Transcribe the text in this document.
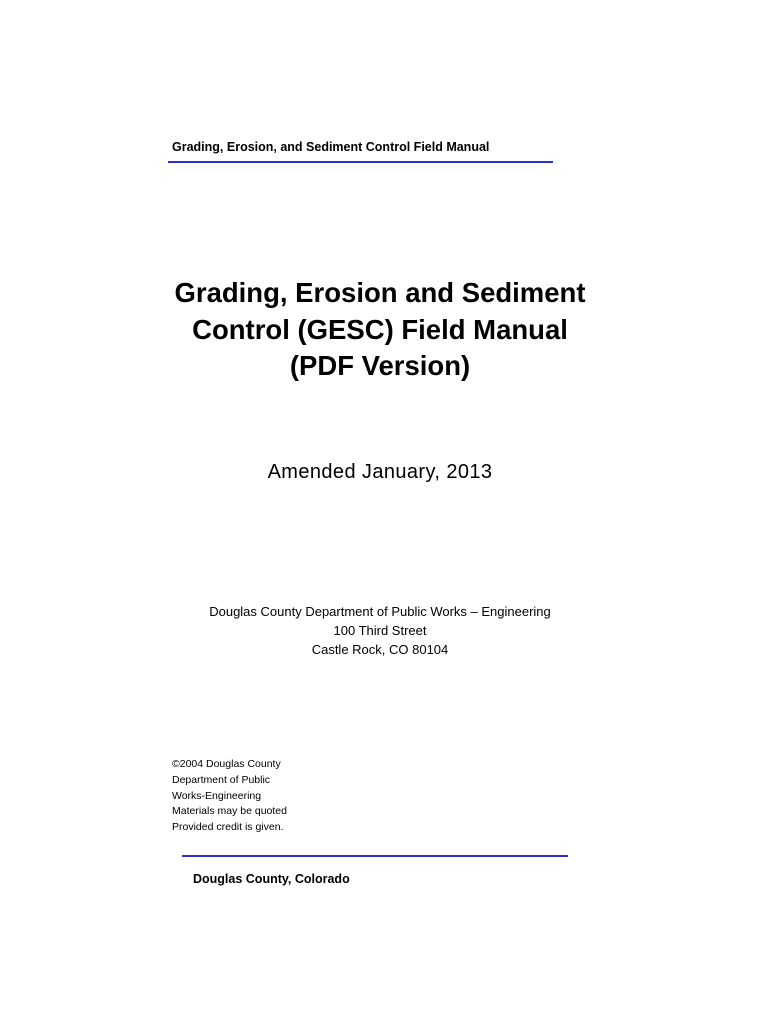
Grading, Erosion, and Sediment Control Field Manual
Grading, Erosion and Sediment
Control (GESC) Field Manual
(PDF Version)
Amended January, 2013
Douglas County Department of Public Works – Engineering
100 Third Street
Castle Rock, CO 80104
©2004 Douglas County
Department of Public
Works-Engineering
Materials may be quoted
Provided credit is given.
Douglas County, Colorado
